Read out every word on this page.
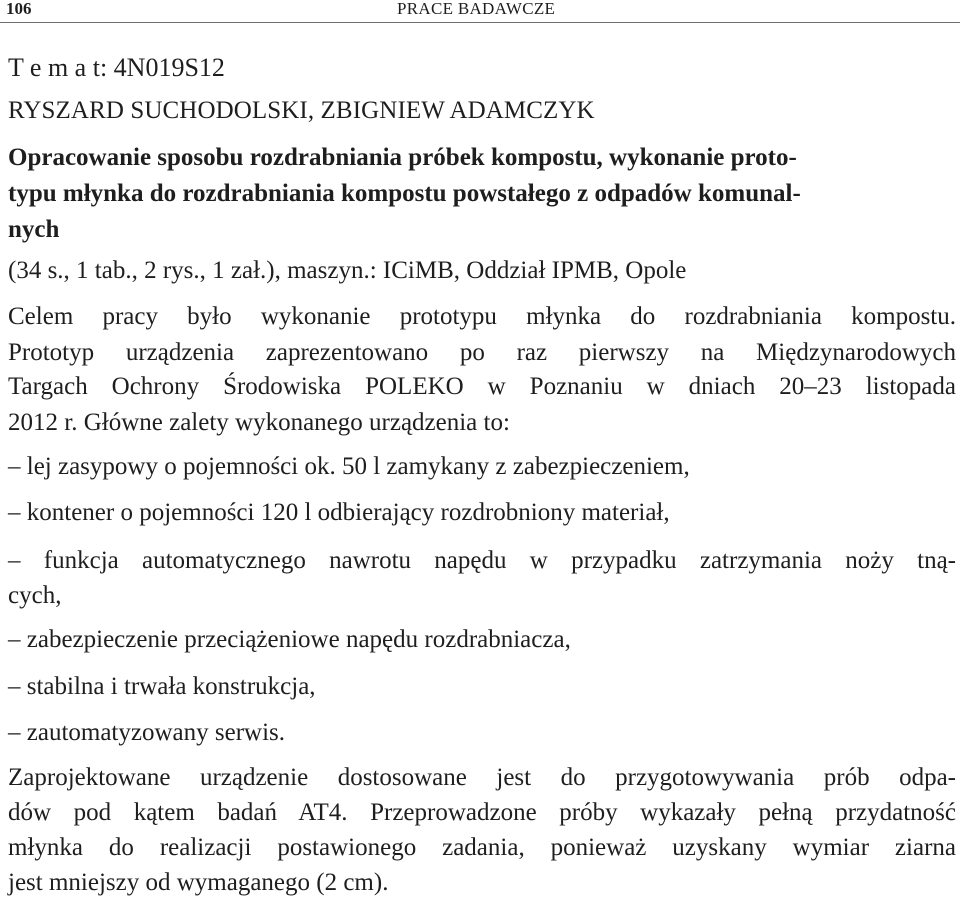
106	PRACE BADAWCZE
T e m a t: 4N019S12
RYSZARD SUCHODOLSKI, ZBIGNIEW ADAMCZYK
Opracowanie sposobu rozdrabniania próbek kompostu, wykonanie proto-
typu młynka do rozdrabniania kompostu powstałego z odpadów komunal-
nych
(34 s., 1 tab., 2 rys., 1 zał.), maszyn.: ICiMB, Oddział IPMB, Opole
Celem pracy było wykonanie prototypu młynka do rozdrabniania kompostu.
Prototyp urządzenia zaprezentowano po raz pierwszy na Międzynarodowych
Targach Ochrony Środowiska POLEKO w Poznaniu w dniach 20–23 listopada
2012 r. Główne zalety wykonanego urządzenia to:
– lej zasypowy o pojemności ok. 50 l zamykany z zabezpieczeniem,
– kontener o pojemności 120 l odbierający rozdrobniony materiał,
– funkcja automatycznego nawrotu napędu w przypadku zatrzymania noży tną-
cych,
– zabezpieczenie przeciążeniowe napędu rozdrabniacza,
– stabilna i trwała konstrukcja,
– zautomatyzowany serwis.
Zaprojektowane urządzenie dostosowane jest do przygotowywania prób odpa-
dów pod kątem badań AT4. Przeprowadzone próby wykazały pełną przydatność
młynka do realizacji postawionego zadania, ponieważ uzyskany wymiar ziarna
jest mniejszy od wymaganego (2 cm).
